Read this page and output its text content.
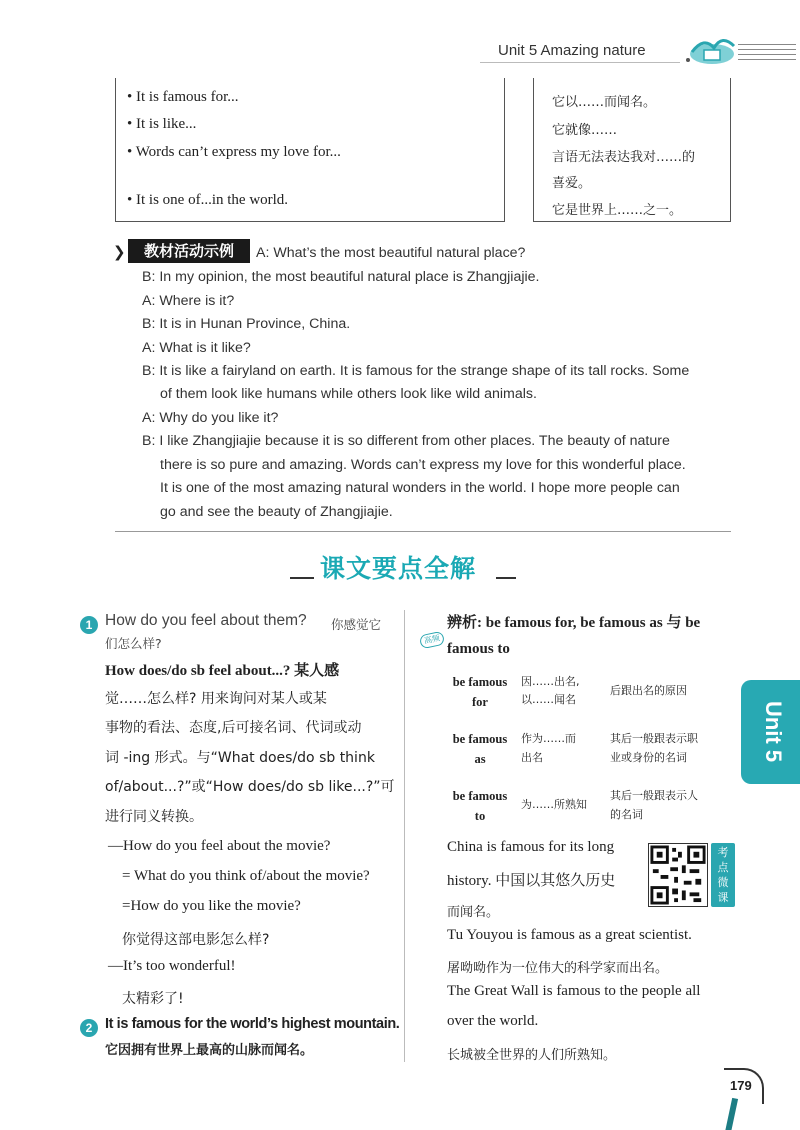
Unit 5 Amazing nature
• It is famous for...
• It is like...
• Words can’t express my love for...
• It is one of...in the world.
它以……而闻名。
它就像……
言语无法表达我对……的
喜爱。
它是世界上……之一。
❯	教材活动示例	A: What’s the most beautiful natural place?
B: In my opinion, the most beautiful natural place is Zhangjiajie.
A: Where is it?
B: It is in Hunan Province, China.
A: What is it like?
B: It is like a fairyland on earth. It is famous for the strange shape of its tall rocks. Some
of them look like humans while others look like wild animals.
A: Why do you like it?
B: I like Zhangjiajie because it is so different from other places. The beauty of nature
there is so pure and amazing. Words can’t express my love for this wonderful place.
It is one of the most amazing natural wonders in the world. I hope more people can
go and see the beauty of Zhangjiajie.
课文要点全解
1 How do you feel about them? 你感觉它
们怎么样?
How does/do sb feel about...? 某人感
觉……怎么样? 用来询问对某人或某
事物的看法、态度,后可接名词、代词或动
词 -ing 形式。与“What does/do sb think
of/about...?”或“How does/do sb like...?”可
进行同义转换。
—How do you feel about the movie?
= What do you think of/about the movie?
=How do you like the movie?
你觉得这部电影怎么样?
—It’s too wonderful!
太精彩了!
2 It is famous for the world’s highest mountain.
它因拥有世界上最高的山脉而闻名。
辨析: be famous for, be famous as 与 be
高频
famous to
be famous
for
因……出名,
以……闻名
后跟出名的原因
be famous
as
作为……而
出名
其后一般跟表示职
业或身份的名词
be famous
to
为……所熟知
其后一般跟表示人
的名词
China is famous for its long
history. 中国以其悠久历史
而闻名。
Tu Youyou is famous as a great scientist.
屠呦呦作为一位伟大的科学家而出名。
The Great Wall is famous to the people all
over the world.
长城被全世界的人们所熟知。
考点微课
Unit 5
179
